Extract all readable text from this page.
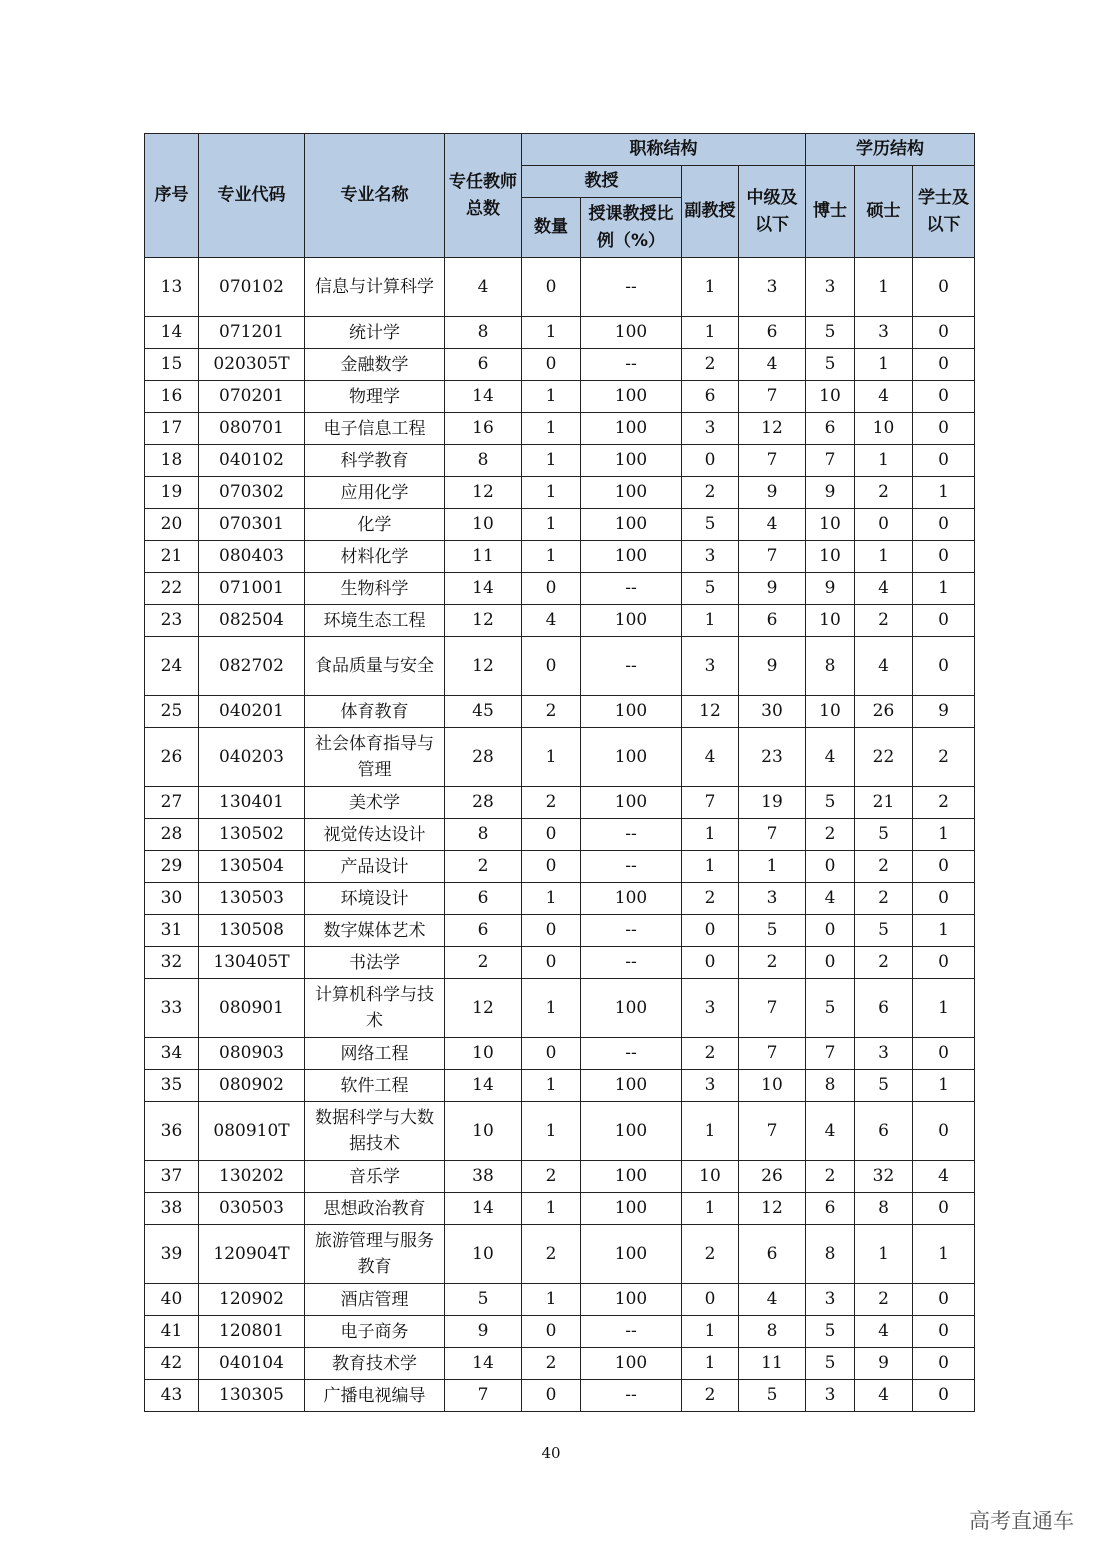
序号	专业代码	专业名称	专任教师总数	职称结构				学历结构		
				教授		副教授	中级及以下	博士	硕士	学士及以下
				数量	授课教授比例（%）					
13	070102	信息与计算科学	4	0	--	1	3	3	1	0
14	071201	统计学	8	1	100	1	6	5	3	0
15	020305T	金融数学	6	0	--	2	4	5	1	0
16	070201	物理学	14	1	100	6	7	10	4	0
17	080701	电子信息工程	16	1	100	3	12	6	10	0
18	040102	科学教育	8	1	100	0	7	7	1	0
19	070302	应用化学	12	1	100	2	9	9	2	1
20	070301	化学	10	1	100	5	4	10	0	0
21	080403	材料化学	11	1	100	3	7	10	1	0
22	071001	生物科学	14	0	--	5	9	9	4	1
23	082504	环境生态工程	12	4	100	1	6	10	2	0
24	082702	食品质量与安全	12	0	--	3	9	8	4	0
25	040201	体育教育	45	2	100	12	30	10	26	9
26	040203	社会体育指导与管理	28	1	100	4	23	4	22	2
27	130401	美术学	28	2	100	7	19	5	21	2
28	130502	视觉传达设计	8	0	--	1	7	2	5	1
29	130504	产品设计	2	0	--	1	1	0	2	0
30	130503	环境设计	6	1	100	2	3	4	2	0
31	130508	数字媒体艺术	6	0	--	0	5	0	5	1
32	130405T	书法学	2	0	--	0	2	0	2	0
33	080901	计算机科学与技术	12	1	100	3	7	5	6	1
34	080903	网络工程	10	0	--	2	7	7	3	0
35	080902	软件工程	14	1	100	3	10	8	5	1
36	080910T	数据科学与大数据技术	10	1	100	1	7	4	6	0
37	130202	音乐学	38	2	100	10	26	2	32	4
38	030503	思想政治教育	14	1	100	1	12	6	8	0
39	120904T	旅游管理与服务教育	10	2	100	2	6	8	1	1
40	120902	酒店管理	5	1	100	0	4	3	2	0
41	120801	电子商务	9	0	--	1	8	5	4	0
42	040104	教育技术学	14	2	100	1	11	5	9	0
43	130305	广播电视编导	7	0	--	2	5	3	4	0
40
高考直通车
